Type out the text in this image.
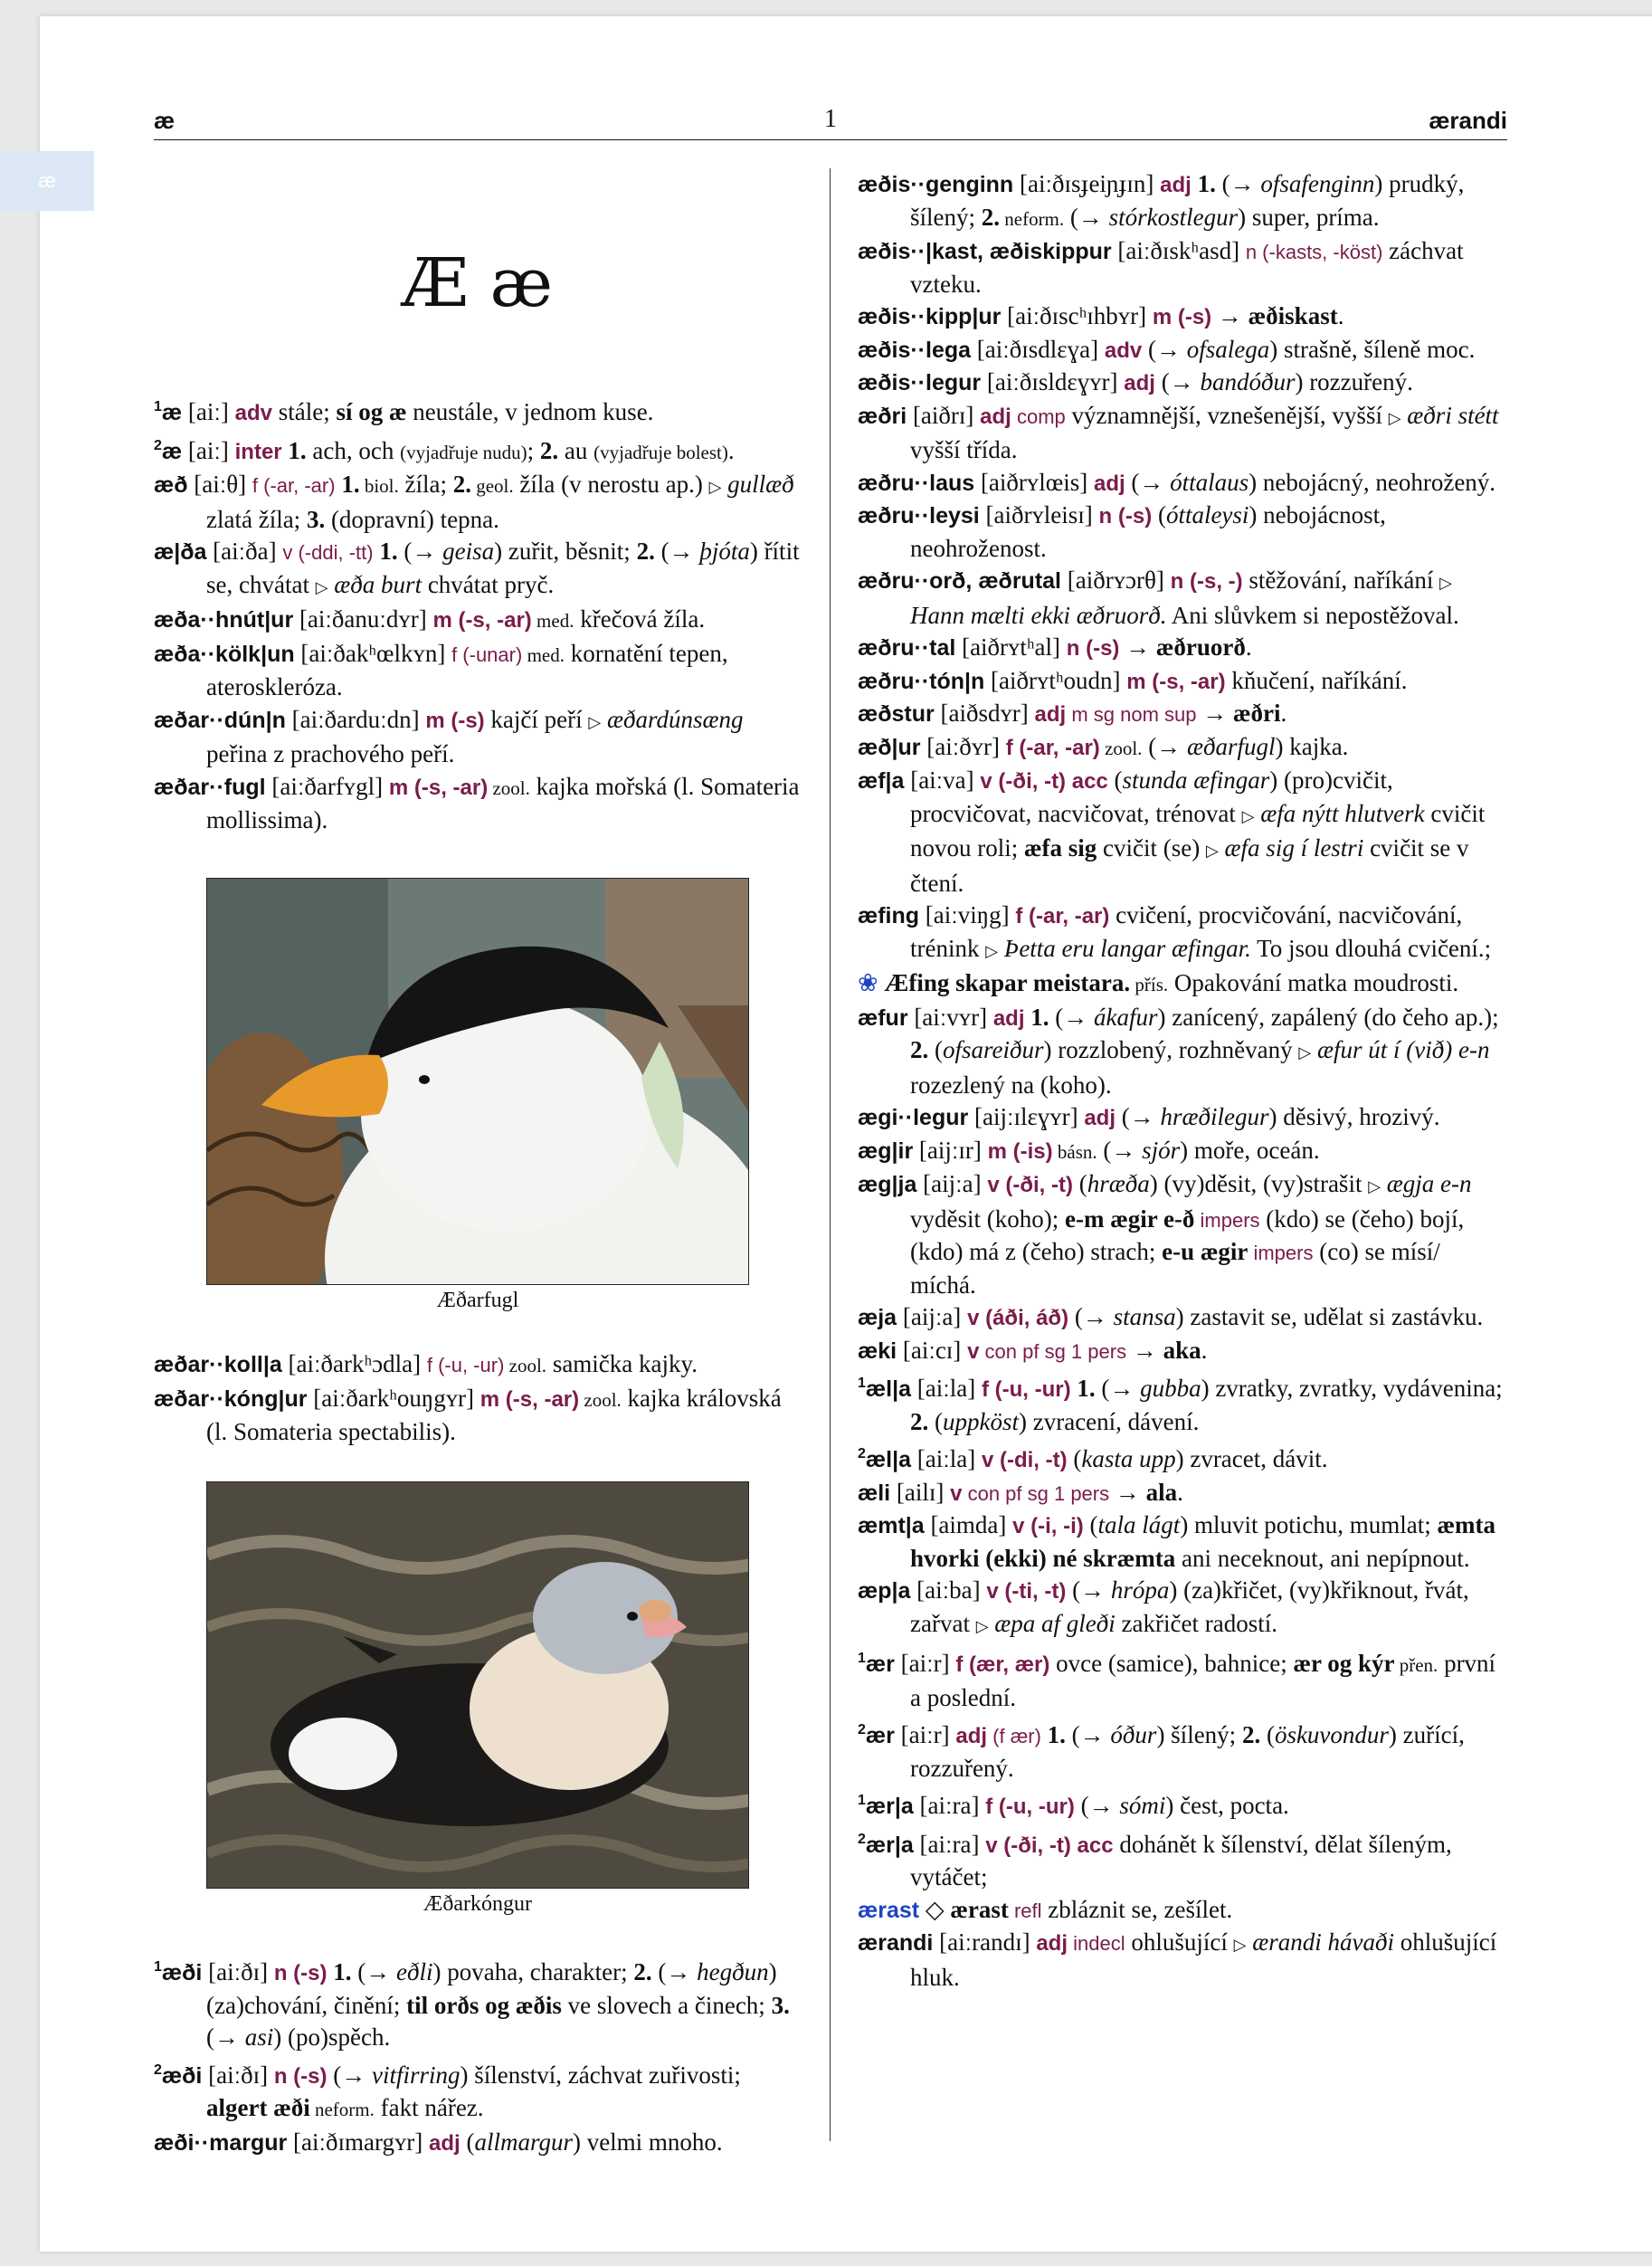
æ
æ	1	ærandi
Æ æ

$^1$æ [aiː] adv stále; sí og æ neustále, v jednom kuse.

$^2$æ [aiː] inter 1. ach, och (vyjadřuje nudu); 2. au (vyjadřuje bolest).

æð [aiːθ] f (-ar, -ar) 1. biol. žíla; 2. geol. žíla (v nerostu ap.) ▷ gullæð zlatá žíla; 3. (dopravní) tepna.

æ|ða [aiːða] v (-ddi, -tt) 1. (→ geisa) zuřit, běsnit; 2. (→ þjóta) řítit se, chvátat ▷ æða burt chvátat pryč.

æða··hnút|ur [aiːðanuːdʏr] m (-s, -ar) med. křečová žíla.

æða··kölk|un [aiːðakʰœlkʏn] f (-unar) med. kornatění tepen, ateroskleróza.

æðar··dún|n [aiːðarduːdn] m (-s) kajčí peří ▷ æðardúnsæng peřina z prachového peří.

æðar··fugl [aiːðarfʏgl] m (-s, -ar) zool. kajka mořská (l. Somateria mollissima).

Æðarfugl

æðar··koll|a [aiːðarkʰɔdla] f (-u, -ur) zool. samička kajky.

æðar··kóng|ur [aiːðarkʰouŋgʏr] m (-s, -ar) zool. kajka královská (l. Somateria spectabilis).

Æðarkóngur

$^1$æði [aiːðɪ] n (-s) 1. (→ eðli) povaha, charakter; 2. (→ hegðun) (za)chování, činění; til orðs og æðis ve slovech a činech; 3. (→ asi) (po)spěch.

$^2$æði [aiːðɪ] n (-s) (→ vitfirring) šílenství, záchvat zuřivosti; algert æði neform. fakt nářez.

æði··margur [aiːðɪmargʏr] adj (allmargur) velmi mnoho.

æðis··genginn [aiːðɪsɟeiɲɟɪn] adj 1. (→ ofsafenginn) prudký, šílený; 2. neform. (→ stórkostlegur) super, príma.

æðis··|kast, æðiskippur [aiːðɪskʰasd] n (-kasts, -köst) záchvat vzteku.

æðis··kipp|ur [aiːðɪscʰɪhbʏr] m (-s) → æðiskast.

æðis··lega [aiːðɪsdlɛɣa] adv (→ ofsalega) strašně, šíleně moc.

æðis··legur [aiːðɪsldɛɣʏr] adj (→ bandóður) rozzuřený.

æðri [aiðrɪ] adj comp významnější, vznešenější, vyšší ▷ æðri stétt vyšší třída.

æðru··laus [aiðrʏlœis] adj (→ óttalaus) nebojácný, neohrožený.

æðru··leysi [aiðrʏleisɪ] n (-s) (óttaleysi) nebojácnost, neohroženost.

æðru··orð, æðrutal [aiðrʏɔrθ] n (-s, -) stěžování, naříkání ▷ Hann mælti ekki æðruorð. Ani slůvkem si nepostěžoval.

æðru··tal [aiðrʏtʰal] n (-s) → æðruorð.

æðru··tón|n [aiðrʏtʰoudn] m (-s, -ar) kňučení, naříkání.

æðstur [aiðsdʏr] adj m sg nom sup → æðri.

æð|ur [aiːðʏr] f (-ar, -ar) zool. (→ æðarfugl) kajka.

æf|a [aiːva] v (-ði, -t) acc (stunda æfingar) (pro)cvičit, procvičovat, nacvičovat, trénovat ▷ æfa nýtt hlutverk cvičit novou roli; æfa sig cvičit (se) ▷ æfa sig í lestri cvičit se v čtení.

æfing [aiːviŋg] f (-ar, -ar) cvičení, procvičování, nacvičování, trénink ▷ Þetta eru langar æfingar. To jsou dlouhá cvičení.;

❀ Æfing skapar meistara. přís. Opakování matka moudrosti.

æfur [aiːvʏr] adj 1. (→ ákafur) zanícený, zapálený (do čeho ap.); 2. (ofsareiður) rozzlobený, rozhněvaný ▷ æfur út í (við) e-n rozezlený na (koho).

ægi··legur [aijːɪlɛɣʏr] adj (→ hræðilegur) děsivý, hrozivý.

æg|ir [aijːɪr] m (-is) básn. (→ sjór) moře, oceán.

æg|ja [aijːa] v (-ði, -t) (hræða) (vy)děsit, (vy)strašit ▷ ægja e-n vyděsit (koho); e-m ægir e-ð impers (kdo) se (čeho) bojí, (kdo) má z (čeho) strach; e-u ægir impers (co) se mísí/ míchá.

æja [aijːa] v (áði, áð) (→ stansa) zastavit se, udělat si zastávku.

æki [aiːcɪ] v con pf sg 1 pers → aka.

$^1$æl|a [aiːla] f (-u, -ur) 1. (→ gubba) zvratky, zvratky, vydávenina; 2. (uppköst) zvracení, dávení.

$^2$æl|a [aiːla] v (-di, -t) (kasta upp) zvracet, dávit.

æli [ailɪ] v con pf sg 1 pers → ala.

æmt|a [aimda] v (-i, -i) (tala lágt) mluvit potichu, mumlat; æmta hvorki (ekki) né skræmta ani neceknout, ani nepípnout.

æp|a [aiːba] v (-ti, -t) (→ hrópa) (za)křičet, (vy)křiknout, řvát, zařvat ▷ æpa af gleði zakřičet radostí.

$^1$ær [aiːr] f (ær, ær) ovce (samice), bahnice; ær og kýr přen. první a poslední.

$^2$ær [aiːr] adj (f ær) 1. (→ óður) šílený; 2. (öskuvondur) zuřící, rozzuřený.

$^1$ær|a [aiːra] f (-u, -ur) (→ sómi) čest, pocta.

$^2$ær|a [aiːra] v (-ði, -t) acc dohánět k šílenství, dělat šíleným, vytáčet;

ærast ◇ ærast refl zbláznit se, zešílet.

ærandi [aiːrandɪ] adj indecl ohlušující ▷ ærandi hávaði ohlušující hluk.
